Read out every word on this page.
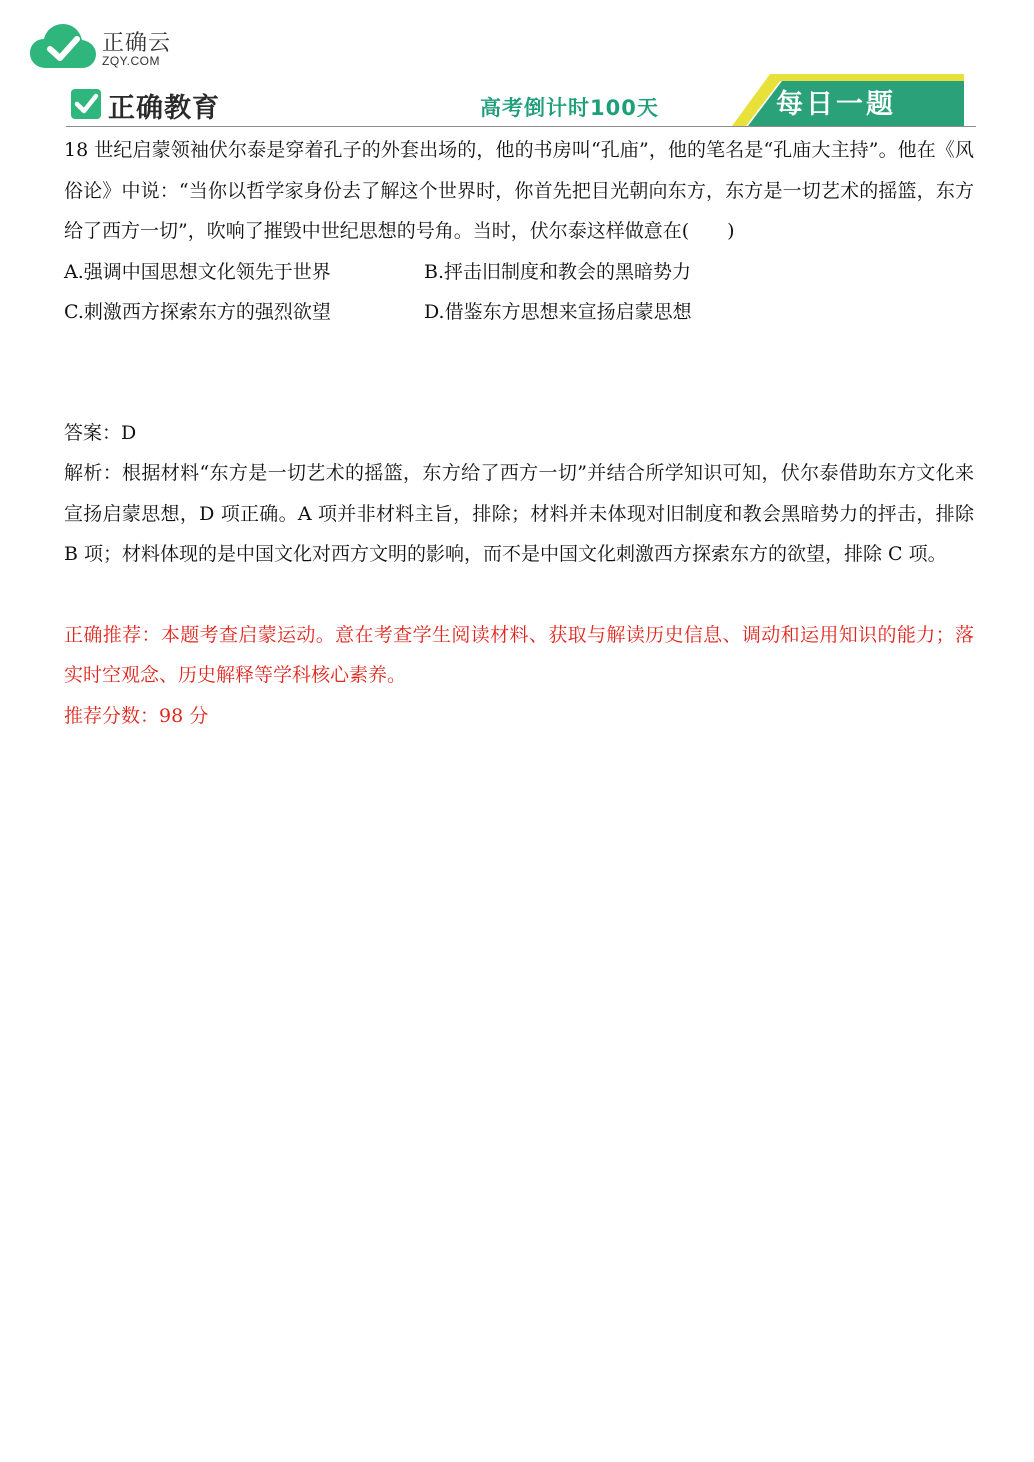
正确云
ZQY.COM
正确教育	高考倒计时100天	每日一题

18 世纪启蒙领袖伏尔泰是穿着孔子的外套出场的，他的书房叫“孔庙”，他的笔名是“孔庙大主持”。他在《风俗论》中说：“当你以哲学家身份去了解这个世界时，你首先把目光朝向东方，东方是一切艺术的摇篮，东方给了西方一切”，吹响了摧毁中世纪思想的号角。当时，伏尔泰这样做意在(　　)

A.强调中国思想文化领先于世界	B.抨击旧制度和教会的黑暗势力
C.刺激西方探索东方的强烈欲望	D.借鉴东方思想来宣扬启蒙思想

答案：D

解析：根据材料“东方是一切艺术的摇篮，东方给了西方一切”并结合所学知识可知，伏尔泰借助东方文化来宣扬启蒙思想，D 项正确。A 项并非材料主旨，排除；材料并未体现对旧制度和教会黑暗势力的抨击，排除 B 项；材料体现的是中国文化对西方文明的影响，而不是中国文化刺激西方探索东方的欲望，排除 C 项。

正确推荐：本题考查启蒙运动。意在考查学生阅读材料、获取与解读历史信息、调动和运用知识的能力；落实时空观念、历史解释等学科核心素养。

推荐分数：98 分
